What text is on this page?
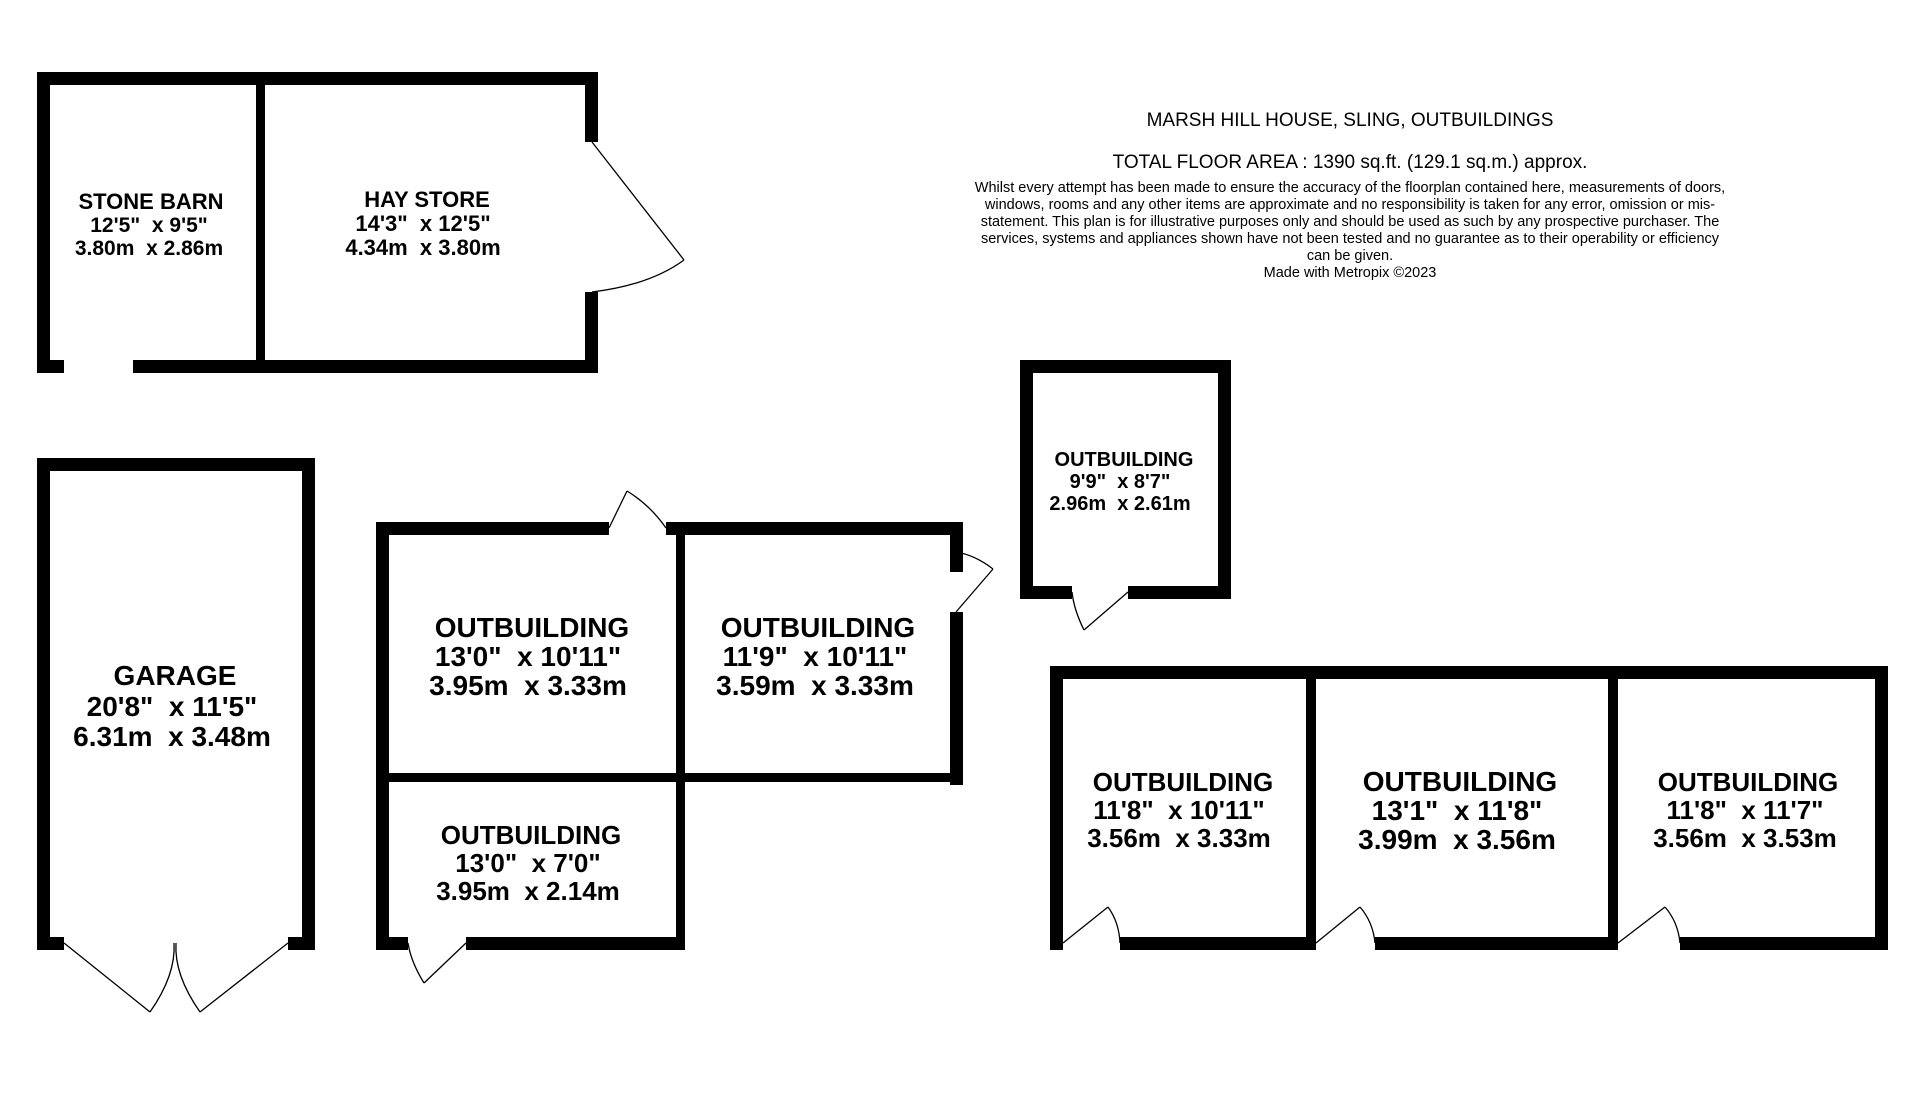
STONE BARN
12'5"  x 9'5"
3.80m  x 2.86m
HAY STORE
14'3"  x 12'5"
4.34m  x 3.80m
GARAGE
20'8"  x 11'5"
6.31m  x 3.48m
OUTBUILDING
13'0"  x 10'11"
3.95m  x 3.33m
OUTBUILDING
11'9"  x 10'11"
3.59m  x 3.33m
OUTBUILDING
13'0"  x 7'0"
3.95m  x 2.14m
OUTBUILDING
9'9"  x 8'7"
2.96m  x 2.61m
OUTBUILDING
11'8"  x 10'11"
3.56m  x 3.33m
OUTBUILDING
13'1"  x 11'8"
3.99m  x 3.56m
OUTBUILDING
11'8"  x 11'7"
3.56m  x 3.53m
MARSH HILL HOUSE, SLING, OUTBUILDINGS
TOTAL FLOOR AREA : 1390 sq.ft. (129.1 sq.m.) approx.
Whilst every attempt has been made to ensure the accuracy of the floorplan contained here, measurements of doors, windows, rooms and any other items are approximate and no responsibility is taken for any error, omission or mis-statement. This plan is for illustrative purposes only and should be used as such by any prospective purchaser. The services, systems and appliances shown have not been tested and no guarantee as to their operability or efficiency can be given.
Made with Metropix ©2023
